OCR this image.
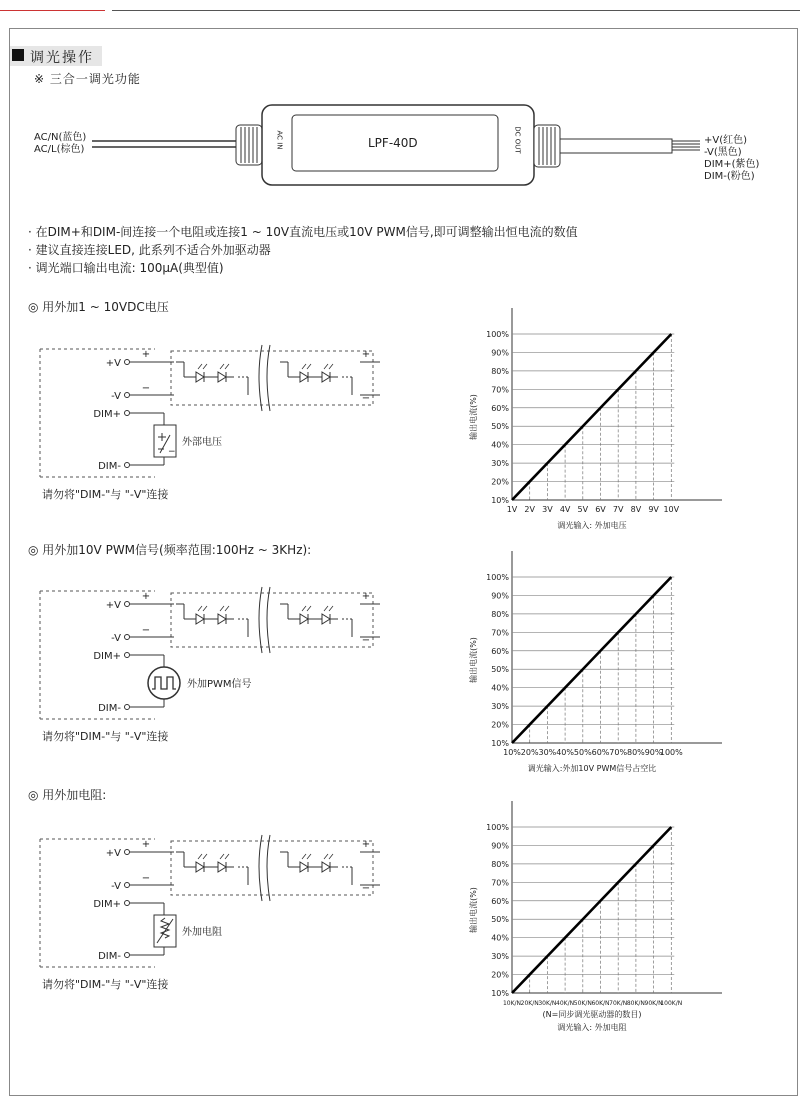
调光操作
※ 三合一调光功能
AC/N(蓝色)
AC/L(棕色)	LPF-40D
AC IN	DC OUT	+V(红色)
-V(黑色)
DIM+(紫色)
DIM-(粉色)
· 在DIM+和DIM-间连接一个电阻或连接1 ~ 10V直流电压或10V PWM信号,即可调整输出恒电流的数值
· 建议直接连接LED, 此系列不适合外加驱动器
· 调光端口输出电流: 100μA(典型值)
◎ 用外加1 ~ 10VDC电压
◎ 用外加10V PWM信号(频率范围:100Hz ~ 3KHz):
◎ 用外加电阻:
+V
-V
DIM+
DIM-
+
−
+
−
−
外部电压
请勿将"DIM-"与 "-V"连接
+V
-V
DIM+
DIM-
+
−
+
−
外加PWM信号
请勿将"DIM-"与 "-V"连接
+V
-V
DIM+
DIM-
+
−
+
−
外加电阻
请勿将"DIM-"与 "-V"连接
10%
20%
30%
40%
50%
60%
70%
80%
90%
100%
1V 2V 3V 4V 5V 6V 7V 8V 9V 10V
输出电流(%)
调光输入: 外加电压
10%
20%
30%
40%
50%
60%
70%
80%
90%
100%
10% 20% 30% 40% 50% 60% 70% 80% 90%
100%
输出电流(%)
调光输入:外加10V PWM信号占空比
10%
20%
30%
40%
50%
60%
70%
80%
90%
100%
10K/N 20K/N 30K/N 40K/N 50K/N 60K/N 70K/N 80K/N 90K/N
100K/N
输出电流(%)
(N=同步调光驱动器的数目)
调光输入: 外加电阻
